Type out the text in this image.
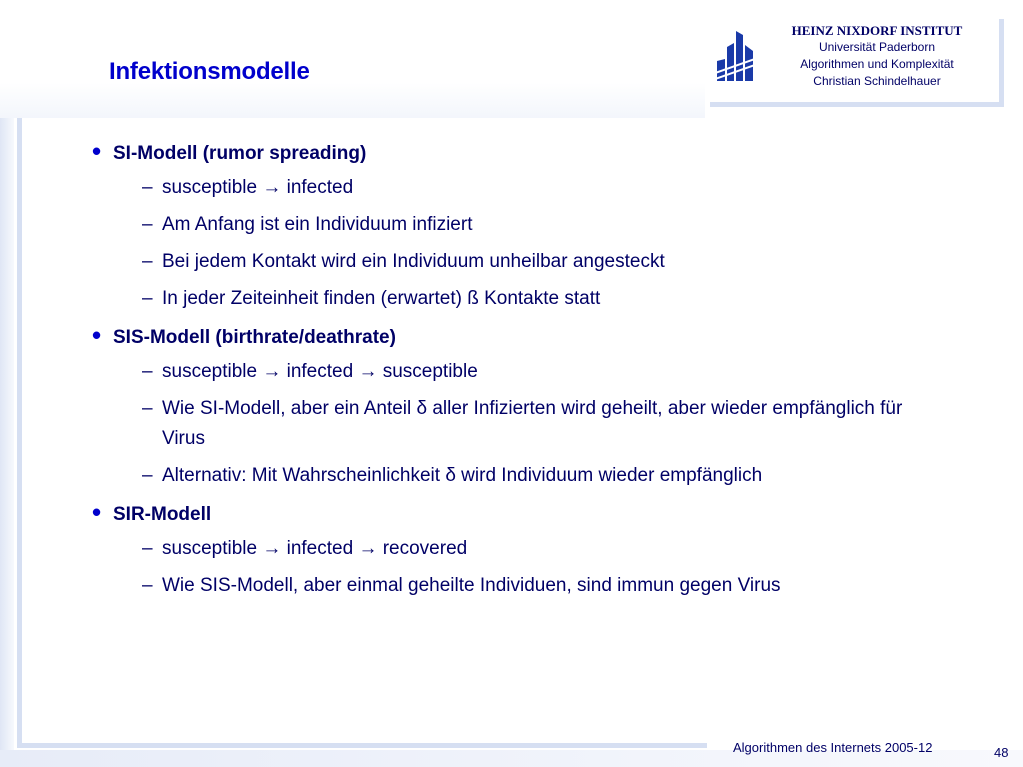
HEINZ NIXDORF INSTITUT
Universität Paderborn
Algorithmen und Komplexität
Christian Schindelhauer
Infektionsmodelle
• SI-Modell (rumor spreading)
– susceptible → infected
– Am Anfang ist ein Individuum infiziert
– Bei jedem Kontakt wird ein Individuum unheilbar angesteckt
– In jeder Zeiteinheit finden (erwartet) ß Kontakte statt
• SIS-Modell (birthrate/deathrate)
– susceptible → infected → susceptible
– Wie SI-Modell, aber ein Anteil δ aller Infizierten wird geheilt, aber wieder empfänglich für Virus
– Alternativ: Mit Wahrscheinlichkeit δ wird Individuum wieder empfänglich
• SIR-Modell
– susceptible → infected → recovered
– Wie SIS-Modell, aber einmal geheilte Individuen, sind immun gegen Virus
Algorithmen des Internets 2005-12	48
